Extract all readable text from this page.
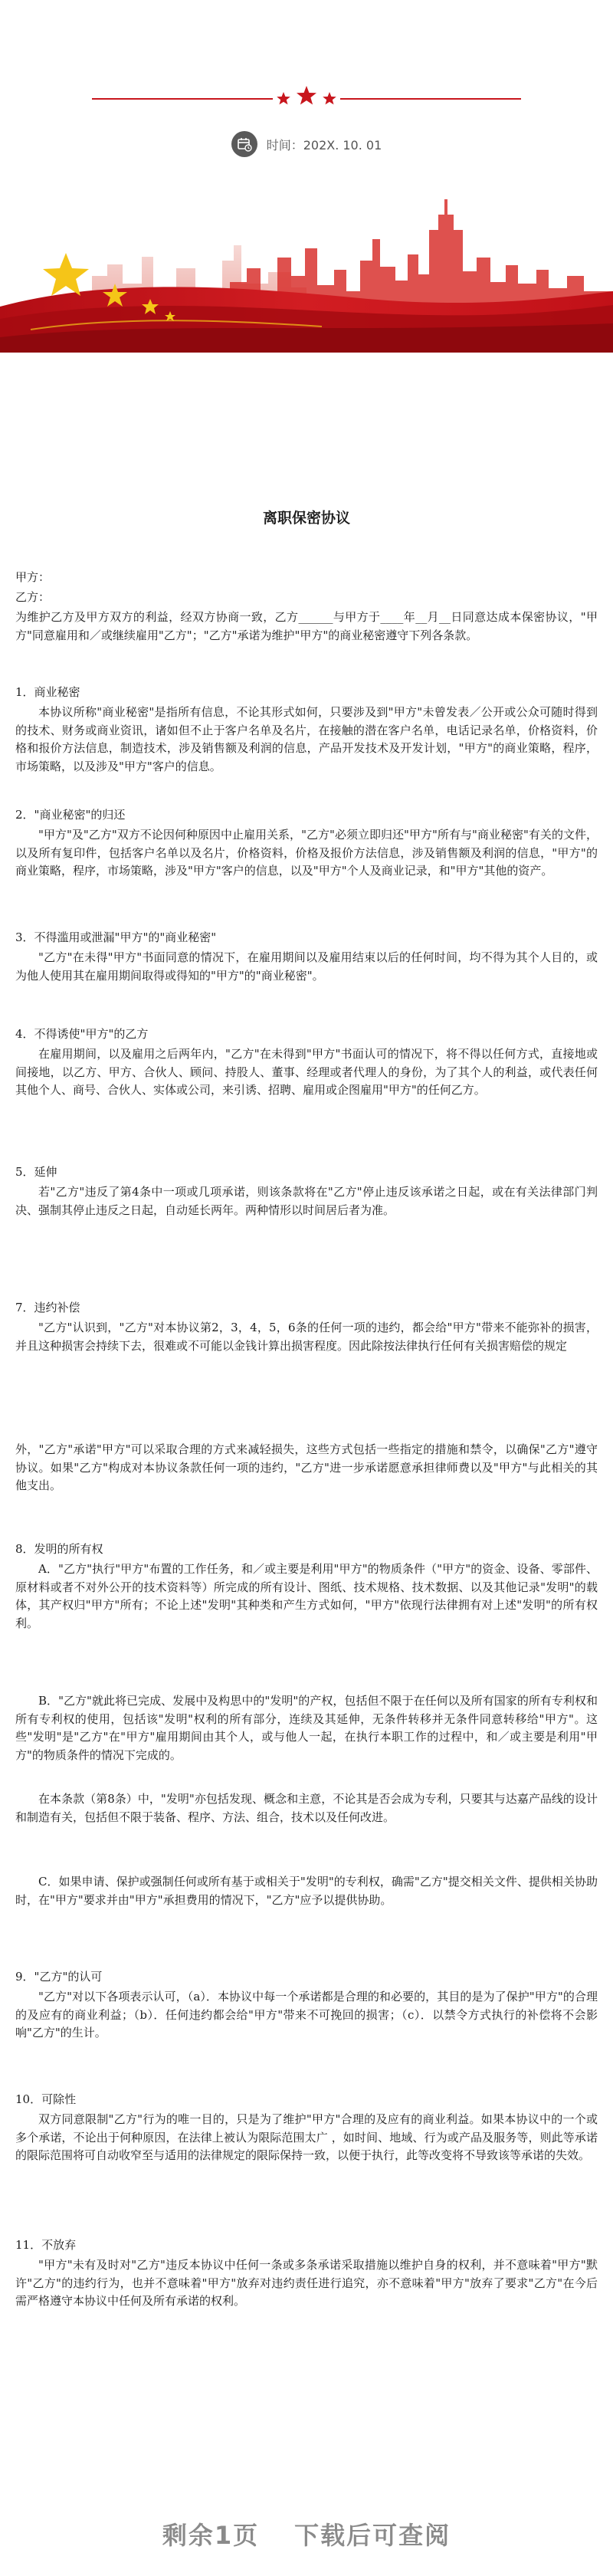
时间：202X. 10. 01
离职保密协议

甲方：

乙方：

为维护乙方及甲方双方的利益，经双方协商一致，乙方______与甲方于____年__月__日同意达成本保密协议，"甲方"同意雇用和／或继续雇用"乙方"；"乙方"承诺为维护"甲方"的商业秘密遵守下列各条款。

1．商业秘密

本协议所称"商业秘密"是指所有信息，不论其形式如何，只要涉及到"甲方"未曾发表／公开或公众可随时得到的技术、财务或商业资讯，诸如但不止于客户名单及名片，在接触的潜在客户名单，电话记录名单，价格资料，价格和报价方法信息，制造技术，涉及销售额及利润的信息，产品开发技术及开发计划，"甲方"的商业策略，程序，市场策略，以及涉及"甲方"客户的信息。

2．"商业秘密"的归还

"甲方"及"乙方"双方不论因何种原因中止雇用关系，"乙方"必须立即归还"甲方"所有与"商业秘密"有关的文件，以及所有复印件，包括客户名单以及名片，价格资料，价格及报价方法信息，涉及销售额及利润的信息，"甲方"的商业策略，程序，市场策略，涉及"甲方"客户的信息，以及"甲方"个人及商业记录，和"甲方"其他的资产。

3．不得滥用或泄漏"甲方"的"商业秘密"

"乙方"在未得"甲方"书面同意的情况下，在雇用期间以及雇用结束以后的任何时间，均不得为其个人目的，或为他人使用其在雇用期间取得或得知的"甲方"的"商业秘密"。

4．不得诱使"甲方"的乙方

在雇用期间，以及雇用之后两年内，"乙方"在未得到"甲方"书面认可的情况下，将不得以任何方式，直接地或间接地，以乙方、甲方、合伙人、顾问、持股人、董事、经理或者代理人的身份，为了其个人的利益，或代表任何其他个人、商号、合伙人、实体或公司，来引诱、招聘、雇用或企图雇用"甲方"的任何乙方。

5．延伸

若"乙方"违反了第4条中一项或几项承诺，则该条款将在"乙方"停止违反该承诺之日起，或在有关法律部门判决、强制其停止违反之日起，自动延长两年。两种情形以时间居后者为准。

7．违约补偿

"乙方"认识到，"乙方"对本协议第2，3，4，5，6条的任何一项的违约，都会给"甲方"带来不能弥补的损害，并且这种损害会持续下去，很难或不可能以金钱计算出损害程度。因此除按法律执行任何有关损害赔偿的规定

外，"乙方"承诺"甲方"可以采取合理的方式来减轻损失，这些方式包括一些指定的措施和禁令，以确保"乙方"遵守协议。如果"乙方"构成对本协议条款任何一项的违约，"乙方"进一步承诺愿意承担律师费以及"甲方"与此相关的其他支出。

8．发明的所有权

A．"乙方"执行"甲方"布置的工作任务，和／或主要是利用"甲方"的物质条件（"甲方"的资金、设备、零部件、原材料或者不对外公开的技术资料等）所完成的所有设计、图纸、技术规格、技术数据、以及其他记录"发明"的载体，其产权归"甲方"所有；不论上述"发明"其种类和产生方式如何，"甲方"依现行法律拥有对上述"发明"的所有权利。

B．"乙方"就此将已完成、发展中及构思中的"发明"的产权，包括但不限于在任何以及所有国家的所有专利权和所有专利权的使用，包括该"发明"权利的所有部分，连续及其延伸，无条件转移并无条件同意转移给"甲方"。这些"发明"是"乙方"在"甲方"雇用期间由其个人，或与他人一起，在执行本职工作的过程中，和／或主要是利用"甲方"的物质条件的情况下完成的。

在本条款（第8条）中，"发明"亦包括发现、概念和主意，不论其是否会成为专利，只要其与达嘉产品线的设计和制造有关，包括但不限于装备、程序、方法、组合，技术以及任何改进。

C．如果申请、保护或强制任何或所有基于或相关于"发明"的专利权，确需"乙方"提交相关文件、提供相关协助时，在"甲方"要求并由"甲方"承担费用的情况下，"乙方"应予以提供协助。

9．"乙方"的认可

"乙方"对以下各项表示认可，（a）．本协议中每一个承诺都是合理的和必要的，其目的是为了保护"甲方"的合理的及应有的商业利益；（b）．任何违约都会给"甲方"带来不可挽回的损害；（c）．以禁令方式执行的补偿将不会影响"乙方"的生计。

10．可除性

双方同意限制"乙方"行为的唯一目的，只是为了维护"甲方"合理的及应有的商业利益。如果本协议中的一个或多个承诺，不论出于何种原因，在法律上被认为限际范围太广 ，如时间、地域、行为或产品及服务等，则此等承诺的限际范围将可自动收窄至与适用的法律规定的限际保持一致，以便于执行，此等改变将不导致该等承诺的失效。

11．不放弃

"甲方"未有及时对"乙方"违反本协议中任何一条或多条承诺采取措施以维护自身的权利，并不意味着"甲方"默许"乙方"的违约行为，也并不意味着"甲方"放弃对违约责任进行追究，亦不意味着"甲方"放弃了要求"乙方"在今后需严格遵守本协议中任何及所有承诺的权利。

剩余1页 下载后可查阅
